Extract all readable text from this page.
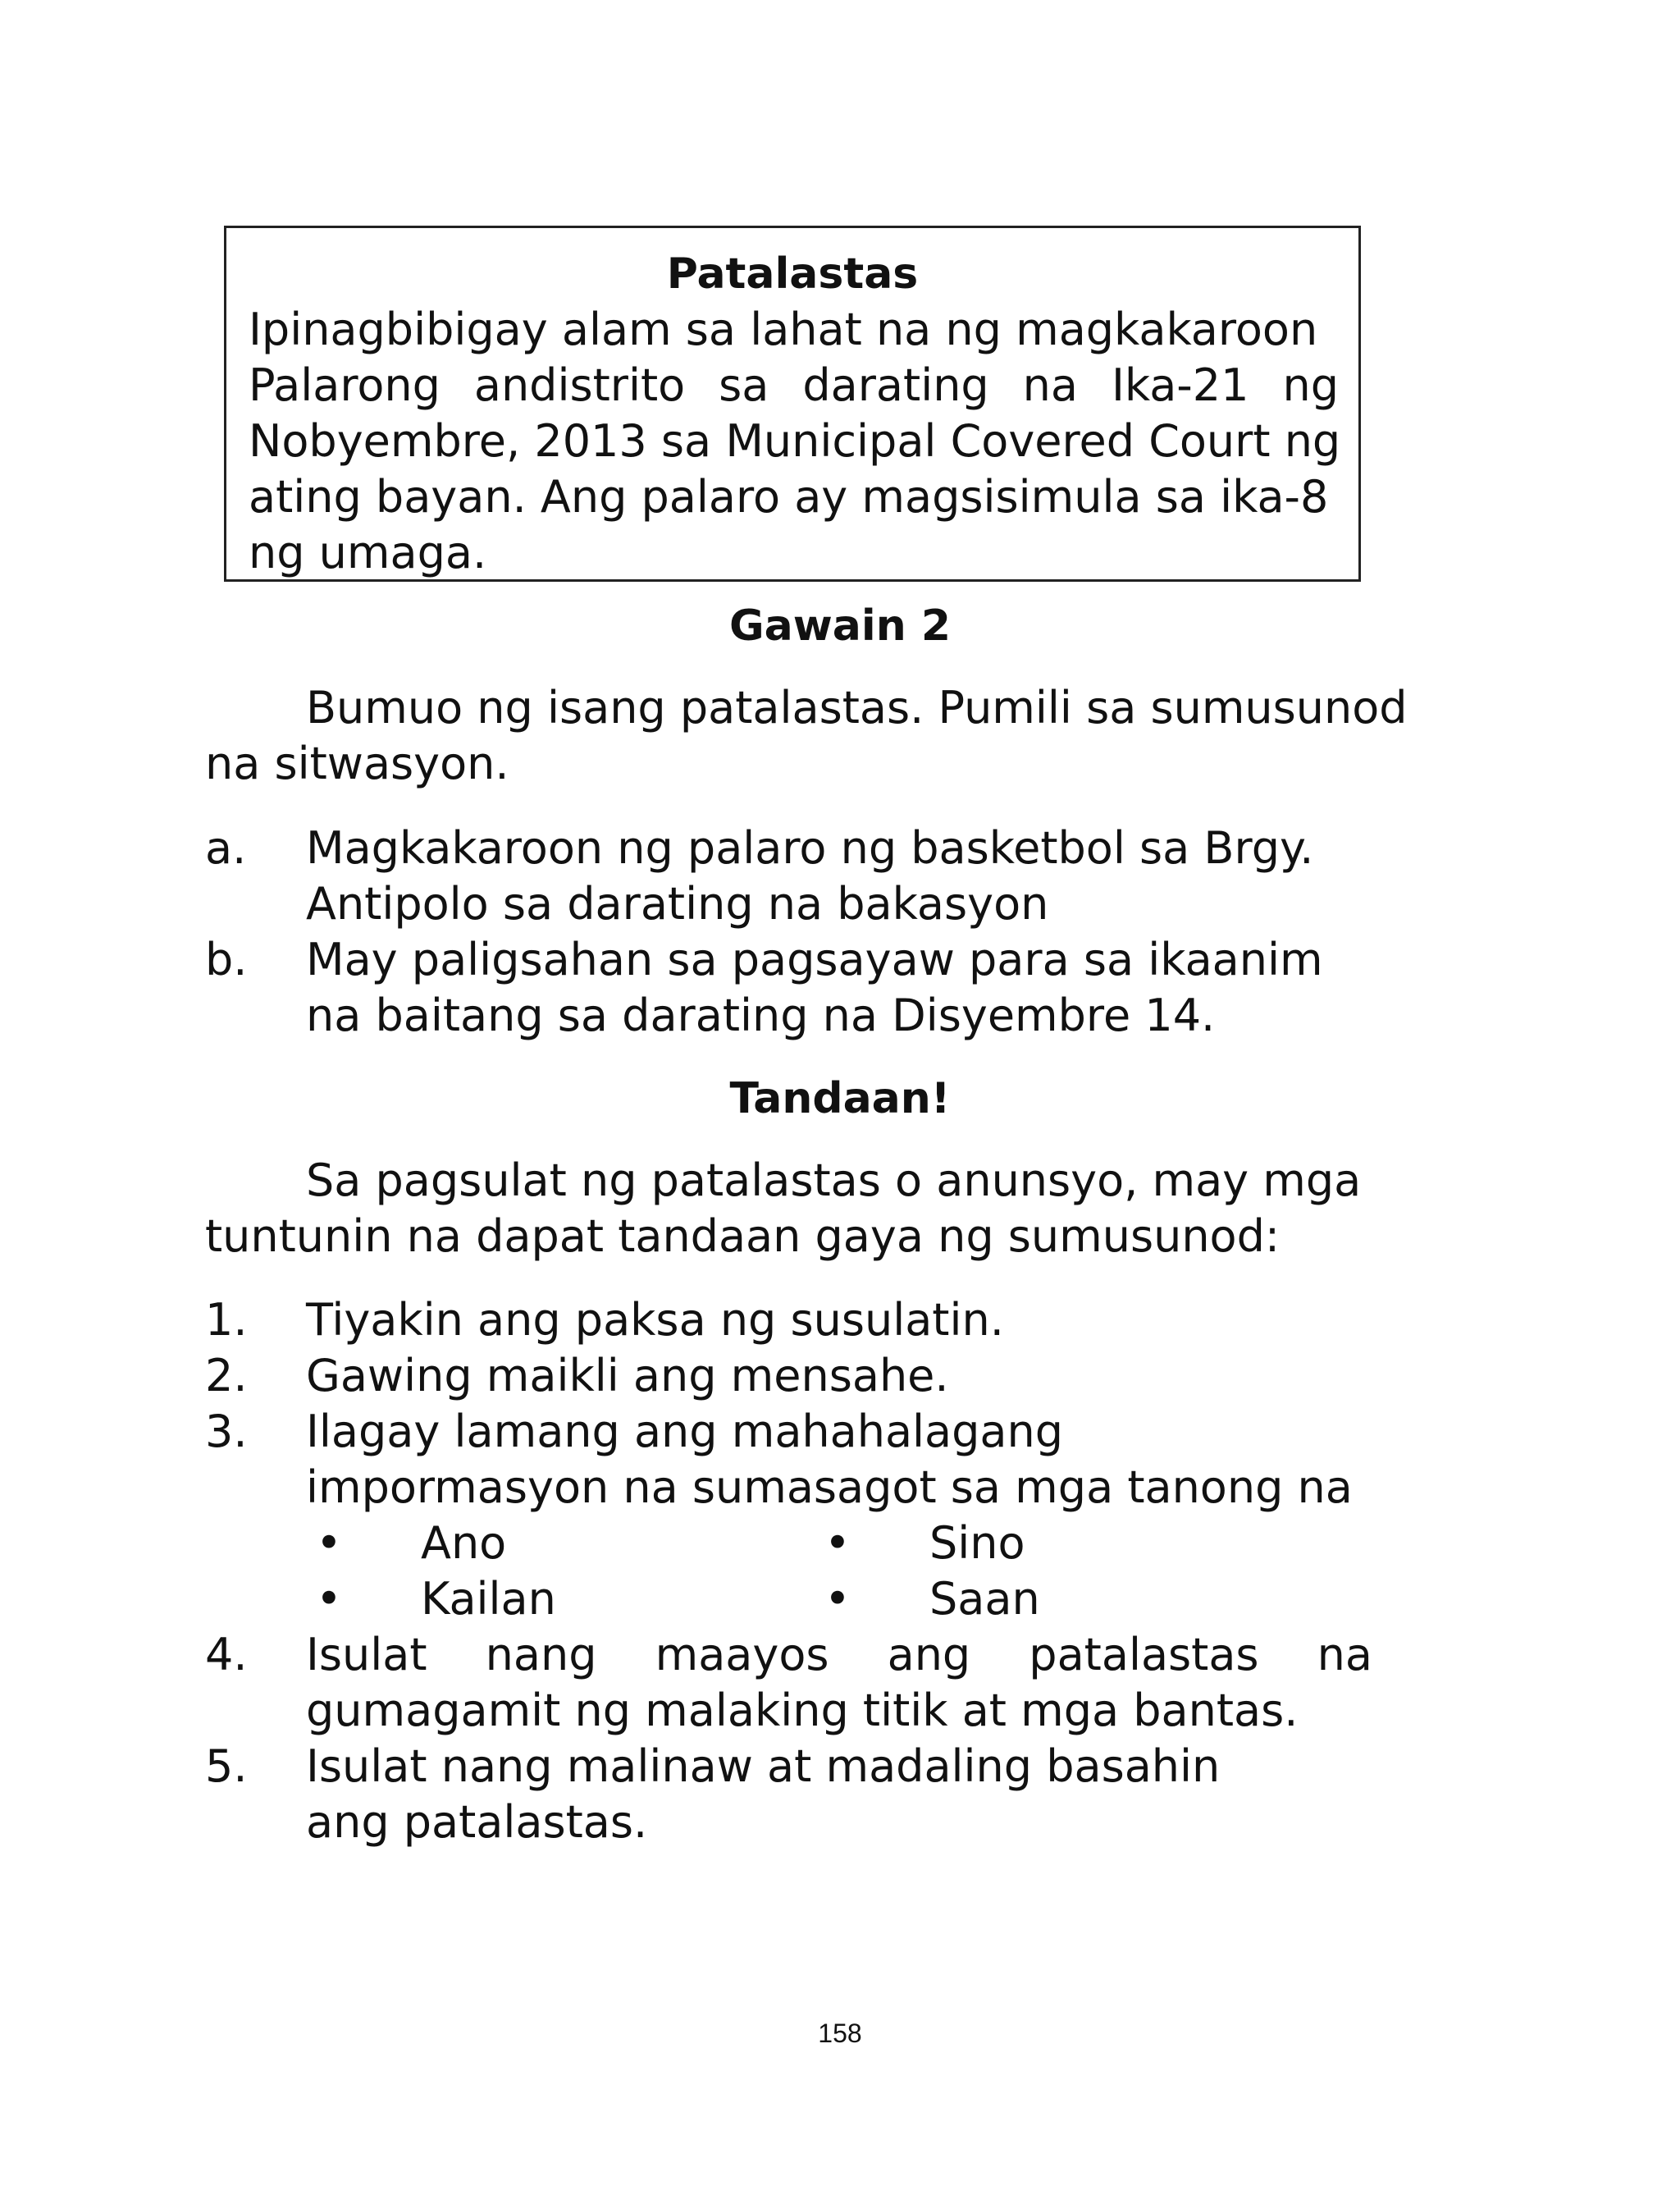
Patalastas
Ipinagbibigay alam sa lahat na ng magkakaroon
Palarong andistrito sa darating na Ika-21 ng
Nobyembre, 2013 sa Municipal Covered Court ng
ating bayan. Ang palaro ay magsisimula sa ika-8
ng umaga.
Gawain 2
Bumuo ng isang patalastas. Pumili sa sumusunod
na sitwasyon.
a. Magkakaroon ng palaro ng basketbol sa Brgy.
Antipolo sa darating na bakasyon
b. May paligsahan sa pagsayaw para sa ikaanim
na baitang sa darating na Disyembre 14.
Tandaan!
Sa pagsulat ng patalastas o anunsyo, may mga
tuntunin na dapat tandaan gaya ng sumusunod:
1. Tiyakin ang paksa ng susulatin.
2. Gawing maikli ang mensahe.
3. Ilagay lamang ang mahahalagang
impormasyon na sumasagot sa mga tanong na
• Ano	• Sino
• Kailan	• Saan
4. Isulat nang maayos ang patalastas na
gumagamit ng malaking titik at mga bantas.
5. Isulat nang malinaw at madaling basahin
ang patalastas.
158
